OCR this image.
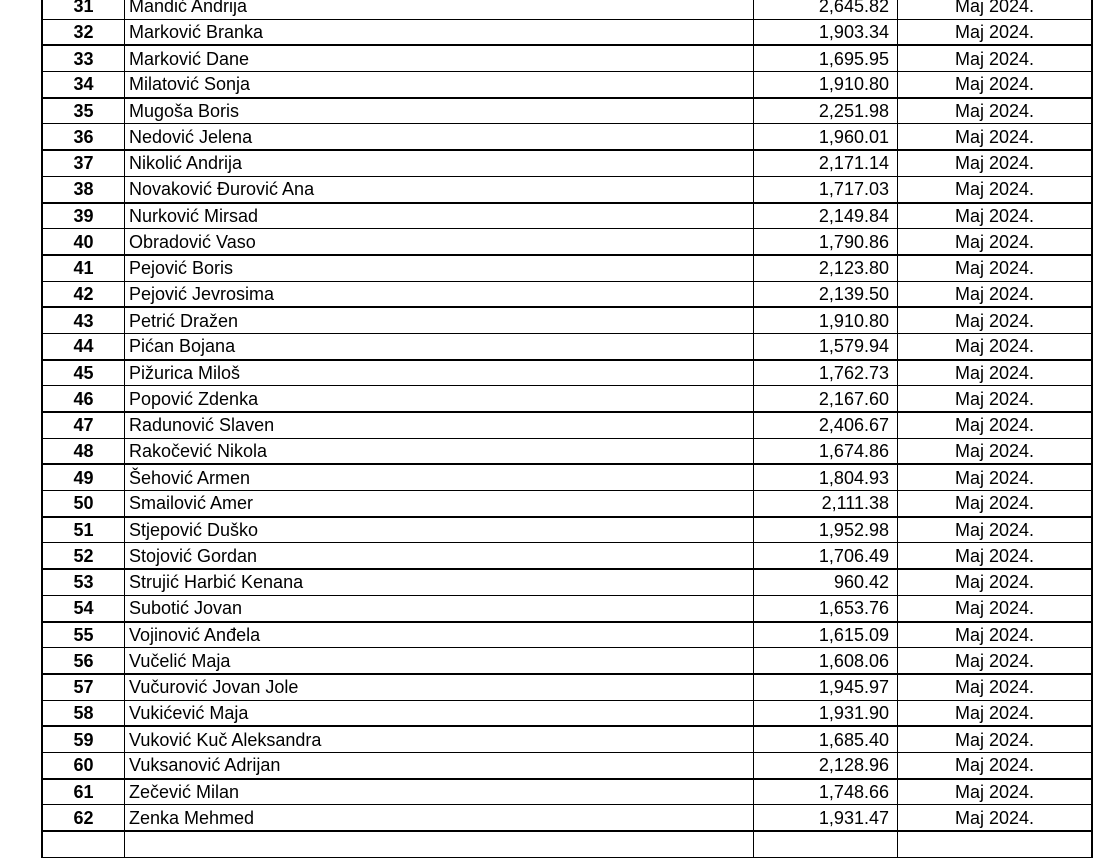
31	Mandić Andrija	2,645.82	Maj 2024.
32	Marković Branka	1,903.34	Maj 2024.
33	Marković Dane	1,695.95	Maj 2024.
34	Milatović Sonja	1,910.80	Maj 2024.
35	Mugoša Boris	2,251.98	Maj 2024.
36	Nedović Jelena	1,960.01	Maj 2024.
37	Nikolić Andrija	2,171.14	Maj 2024.
38	Novaković Đurović Ana	1,717.03	Maj 2024.
39	Nurković Mirsad	2,149.84	Maj 2024.
40	Obradović Vaso	1,790.86	Maj 2024.
41	Pejović Boris	2,123.80	Maj 2024.
42	Pejović Jevrosima	2,139.50	Maj 2024.
43	Petrić Dražen	1,910.80	Maj 2024.
44	Pićan Bojana	1,579.94	Maj 2024.
45	Pižurica Miloš	1,762.73	Maj 2024.
46	Popović Zdenka	2,167.60	Maj 2024.
47	Radunović Slaven	2,406.67	Maj 2024.
48	Rakočević Nikola	1,674.86	Maj 2024.
49	Šehović Armen	1,804.93	Maj 2024.
50	Smailović Amer	2,111.38	Maj 2024.
51	Stjepović Duško	1,952.98	Maj 2024.
52	Stojović Gordan	1,706.49	Maj 2024.
53	Strujić Harbić Kenana	960.42	Maj 2024.
54	Subotić Jovan	1,653.76	Maj 2024.
55	Vojinović Anđela	1,615.09	Maj 2024.
56	Vučelić Maja	1,608.06	Maj 2024.
57	Vučurović Jovan Jole	1,945.97	Maj 2024.
58	Vukićević Maja	1,931.90	Maj 2024.
59	Vuković Kuč Aleksandra	1,685.40	Maj 2024.
60	Vuksanović Adrijan	2,128.96	Maj 2024.
61	Zečević Milan	1,748.66	Maj 2024.
62	Zenka Mehmed	1,931.47	Maj 2024.
